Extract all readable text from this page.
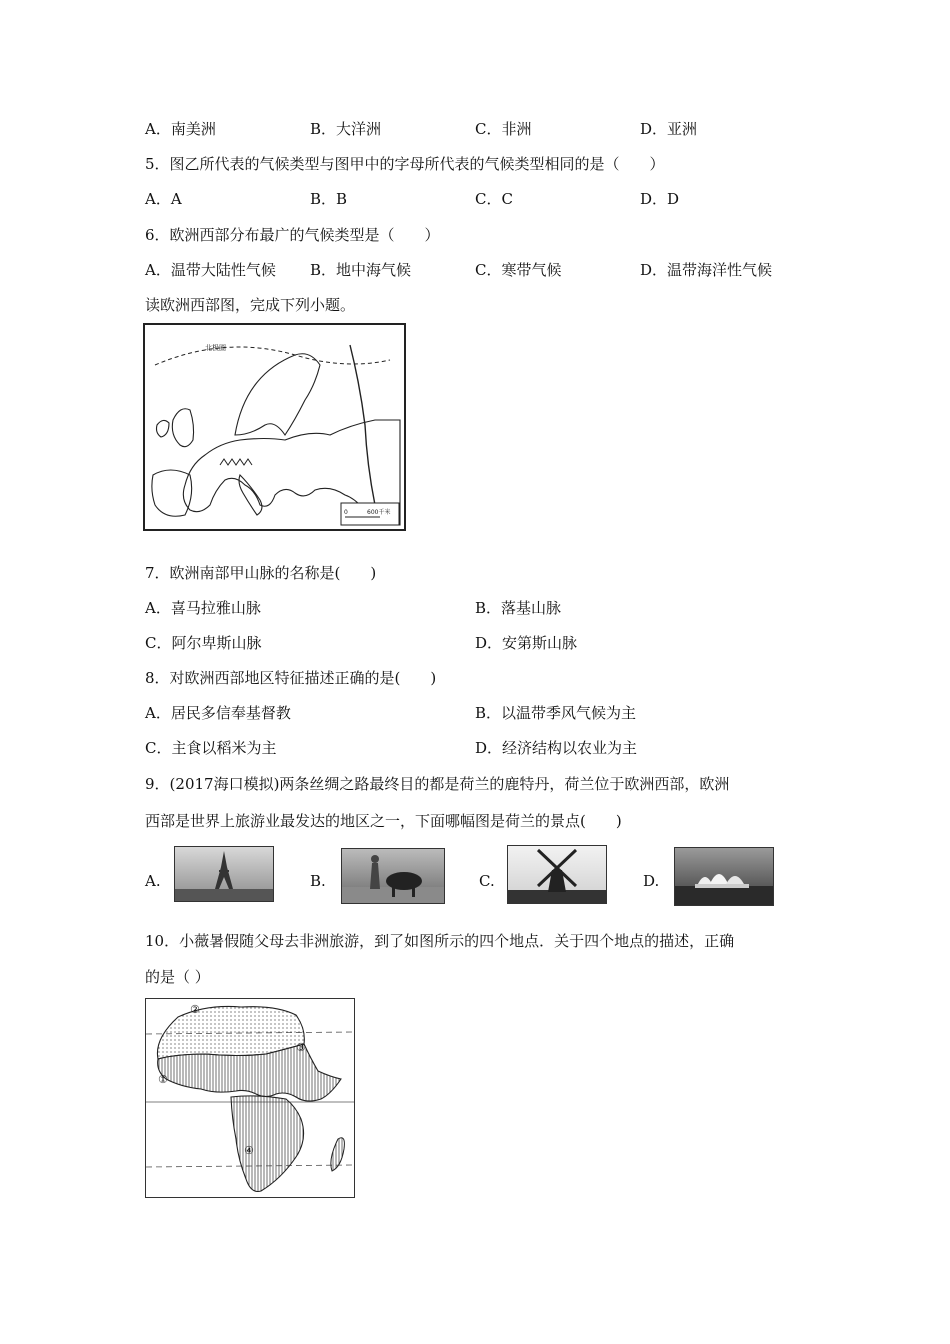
A．南美洲	B．大洋洲	C．非洲	D．亚洲
5．图乙所代表的气候类型与图甲中的字母所代表的气候类型相同的是（　　）
A．A	B．B	C．C	D．D
6．欧洲西部分布最广的气候类型是（　　）
A．温带大陆性气候 B．地中海气候	C．寒带气候	D．温带海洋性气候
读欧洲西部图，完成下列小题。
北极圈
0	600千米
7．欧洲南部甲山脉的名称是(　　)
A．喜马拉雅山脉	B．落基山脉
C．阿尔卑斯山脉	D．安第斯山脉
8．对欧洲西部地区特征描述正确的是(　　)
A．居民多信奉基督教	B．以温带季风气候为主
C．主食以稻米为主	D．经济结构以农业为主
9．(2017海口模拟)两条丝绸之路最终目的都是荷兰的鹿特丹，荷兰位于欧洲西部，欧洲
西部是世界上旅游业最发达的地区之一，下面哪幅图是荷兰的景点(　　)
A.	B.	C.	D.
10．小薇暑假随父母去非洲旅游，到了如图所示的四个地点．关于四个地点的描述，正确
的是（ ）
①
②
③
④
